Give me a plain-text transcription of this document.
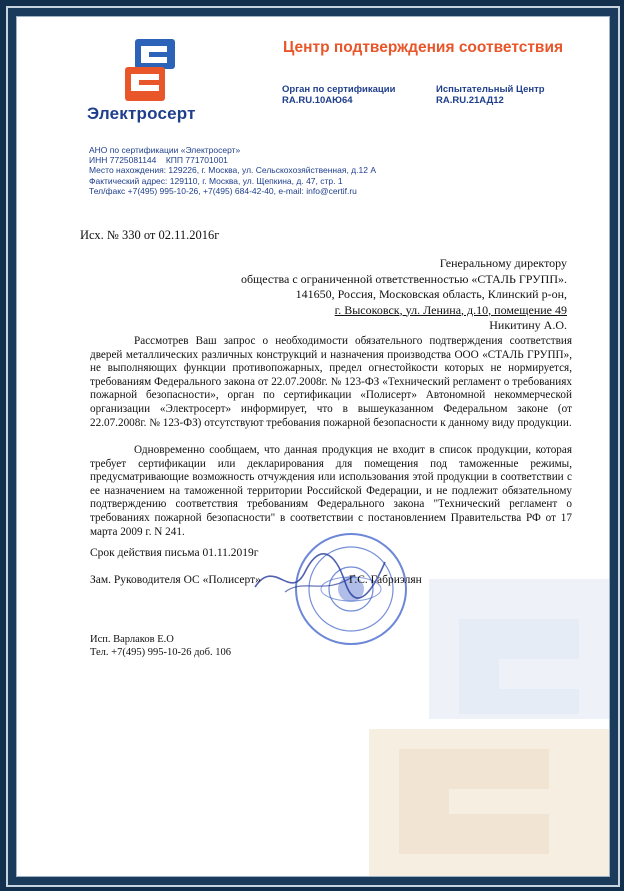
Электросерт
Центр подтверждения соответствия
Орган по сертификации
RA.RU.10АЮ64
Испытательный Центр
RA.RU.21АД12
АНО по сертификации «Электросерт»
ИНН 7725081144    КПП 771701001
Место нахождения: 129226, г. Москва, ул. Сельскохозяйственная, д.12 А
Фактический адрес: 129110, г. Москва, ул. Щепкина, д. 47, стр. 1
Тел/факс +7(495) 995-10-26, +7(495) 684-42-40, e-mail: info@certif.ru
Исх. № 330 от 02.11.2016г
Генеральному директору
общества с ограниченной ответственностью «СТАЛЬ ГРУПП».
141650, Россия, Московская область, Клинский р-он,
г. Высоковск, ул. Ленина, д.10, помещение 49
Никитину А.О.
Рассмотрев Ваш запрос о необходимости обязательного подтверждения соответствия дверей металлических различных конструкций и назначения производства ООО «СТАЛЬ ГРУПП», не выполняющих функции противопожарных, предел огнестойкости которых не нормируется, требованиям Федерального закона от 22.07.2008г. № 123-ФЗ «Технический регламент о требованиях пожарной безопасности», орган по сертификации «Полисерт» Автономной некоммерческой организации «Электросерт» информирует, что в вышеуказанном Федеральном законе (от 22.07.2008г. № 123-ФЗ) отсутствуют требования пожарной безопасности к данному виду продукции.
Одновременно сообщаем, что данная продукция не входит в список продукции, которая требует сертификации или декларирования для помещения под таможенные режимы, предусматривающие возможность отчуждения или использования этой продукции в соответствии с ее назначением на таможенной территории Российской Федерации, и не подлежит обязательному подтверждению соответствия требованиям Федерального закона "Технический регламент о требованиях пожарной безопасности" в соответствии с постановлением Правительства РФ от 17 марта 2009 г. N 241.
Срок действия письма 01.11.2019г
Зам. Руководителя ОС «Полисерт»	Г.С. Габриэлян
Исп. Варлаков Е.О
Тел. +7(495) 995-10-26 доб. 106
